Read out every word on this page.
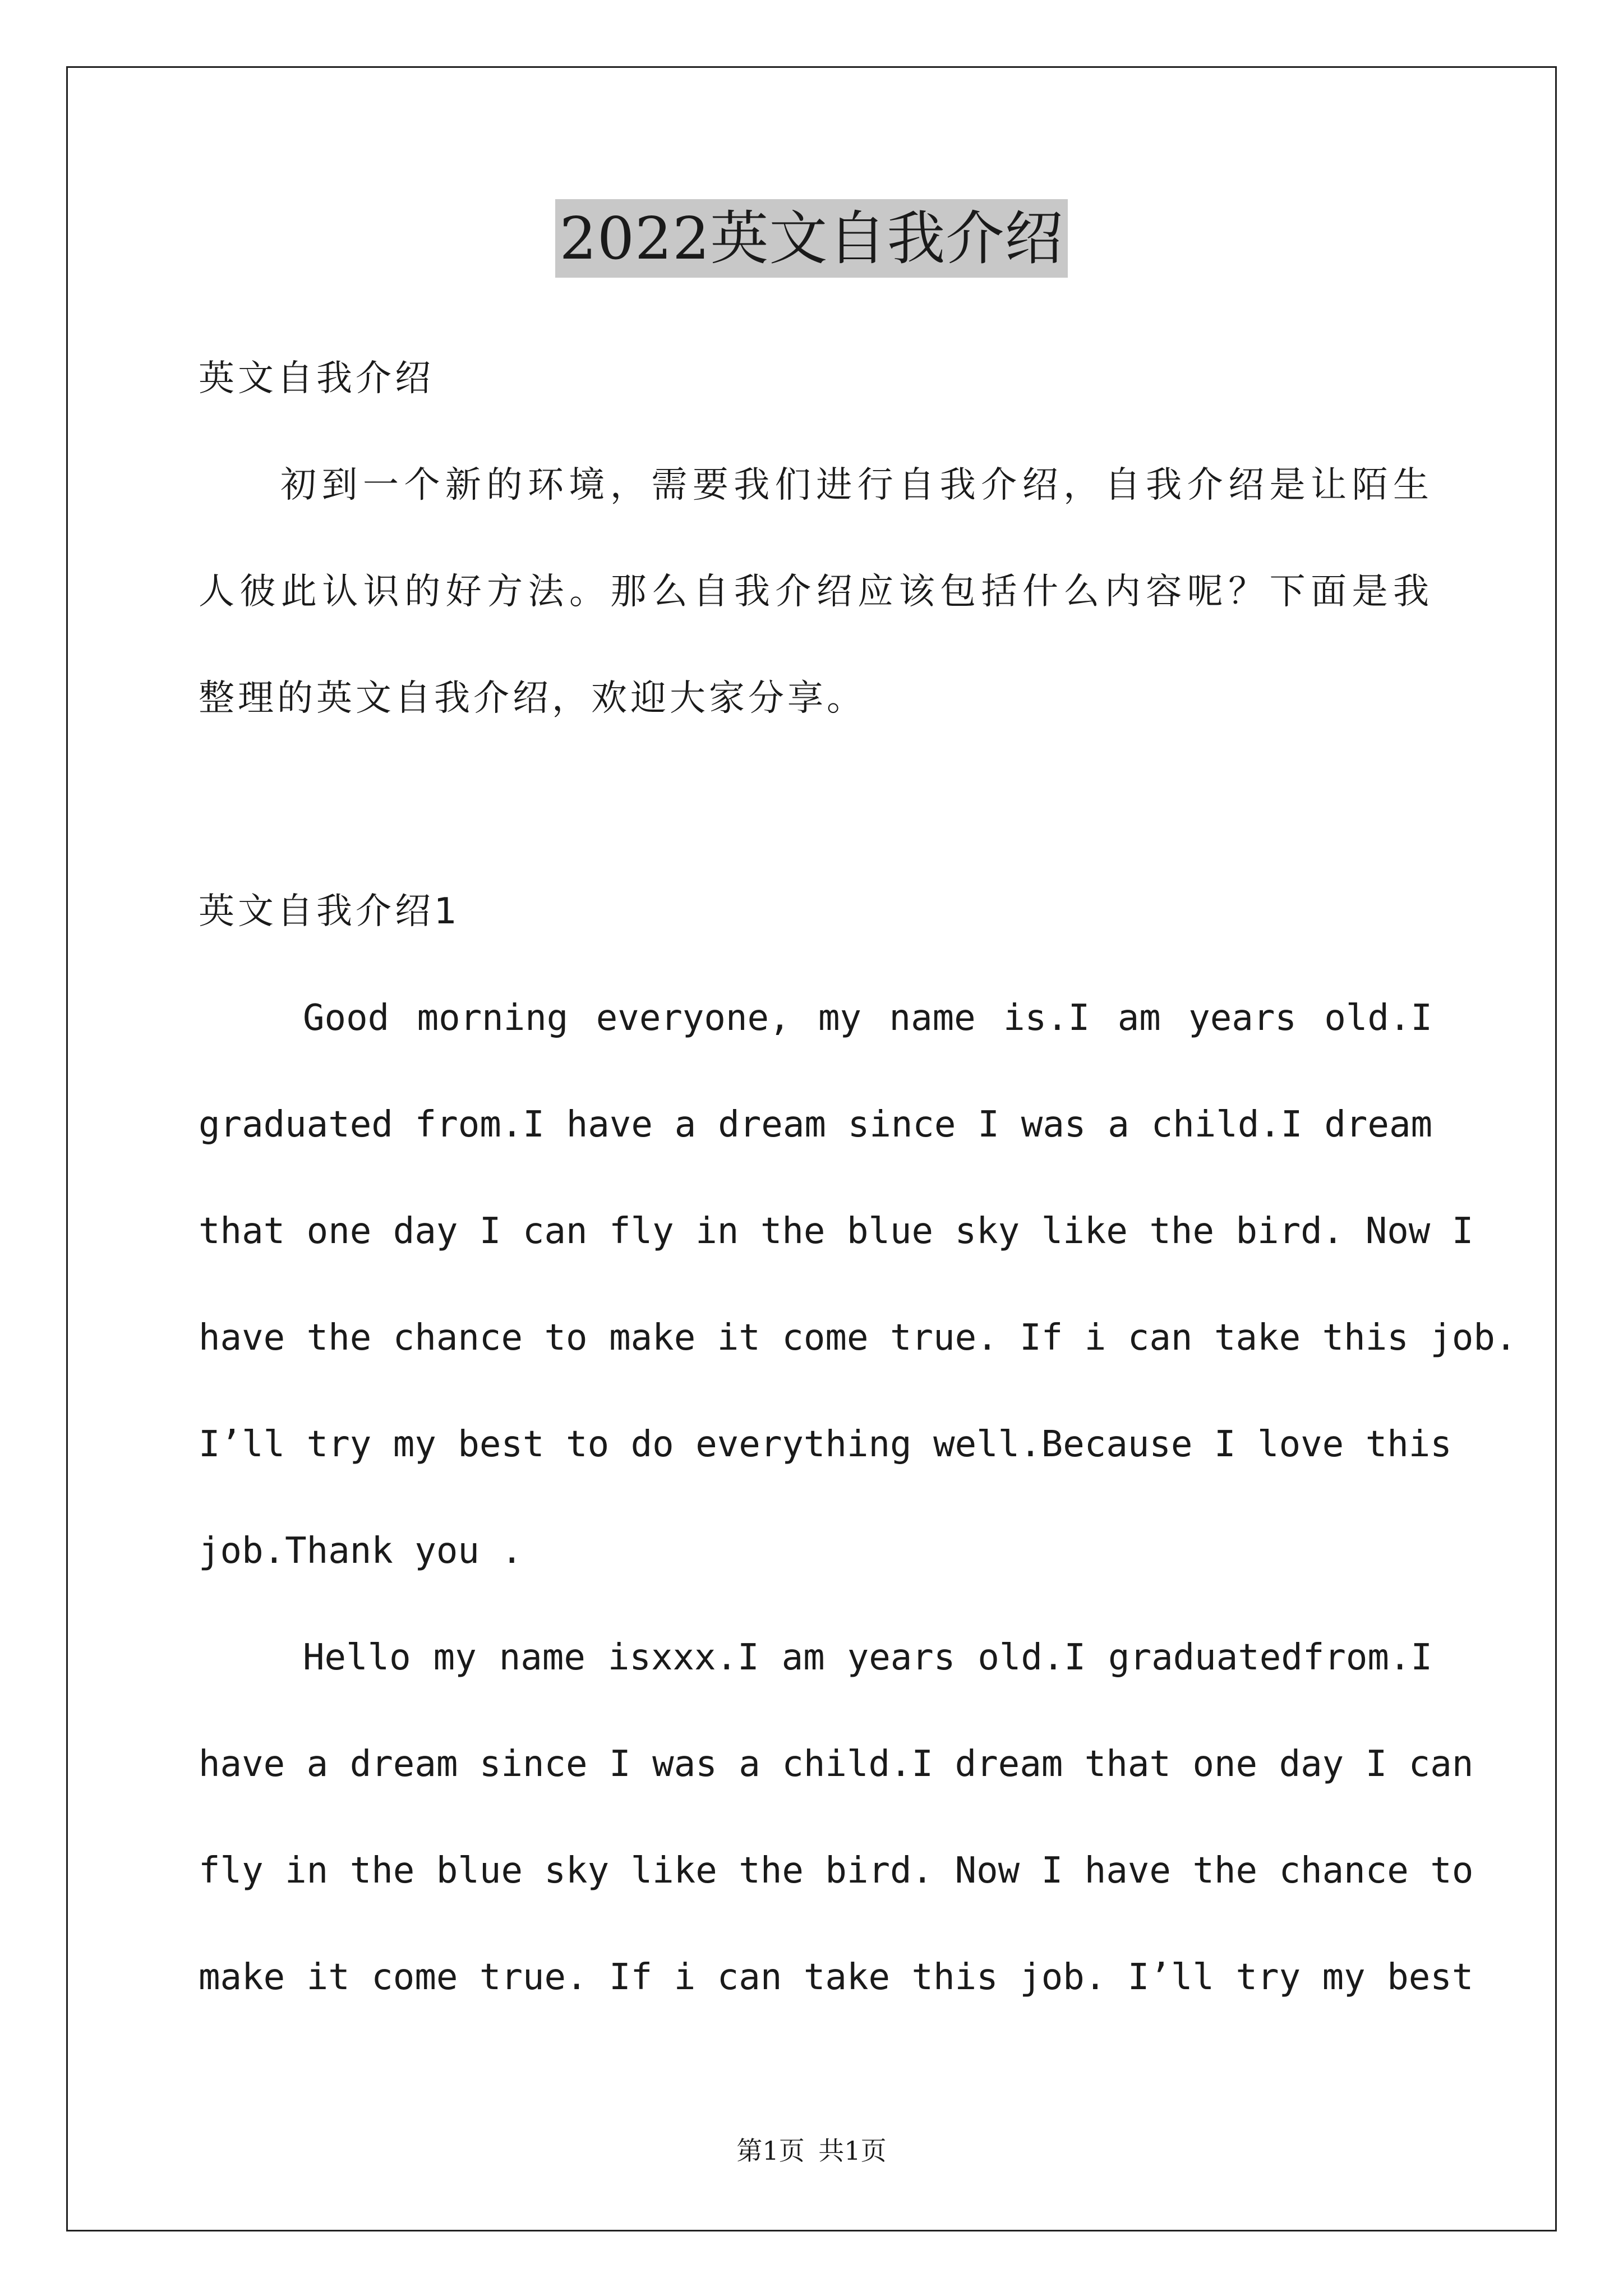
2022英文自我介绍
英文自我介绍
初到一个新的环境，需要我们进行自我介绍，自我介绍是让陌生
人彼此认识的好方法。那么自我介绍应该包括什么内容呢？下面是我
整理的英文自我介绍，欢迎大家分享。
英文自我介绍1
Good morning everyone, my name is.I am years old.I
graduated from.I have a dream since I was a child.I dream
that one day I can fly in the blue sky like the bird. Now I
have the chance to make it come true. If i can take this job.
I’ll try my best to do everything well.Because I love this
job.Thank you .
Hello my name isxxx.I am years old.I graduatedfrom.I
have a dream since I was a child.I dream that one day I can
fly in the blue sky like the bird. Now I have the chance to
make it come true. If i can take this job. I’ll try my best
第1页 共1页
